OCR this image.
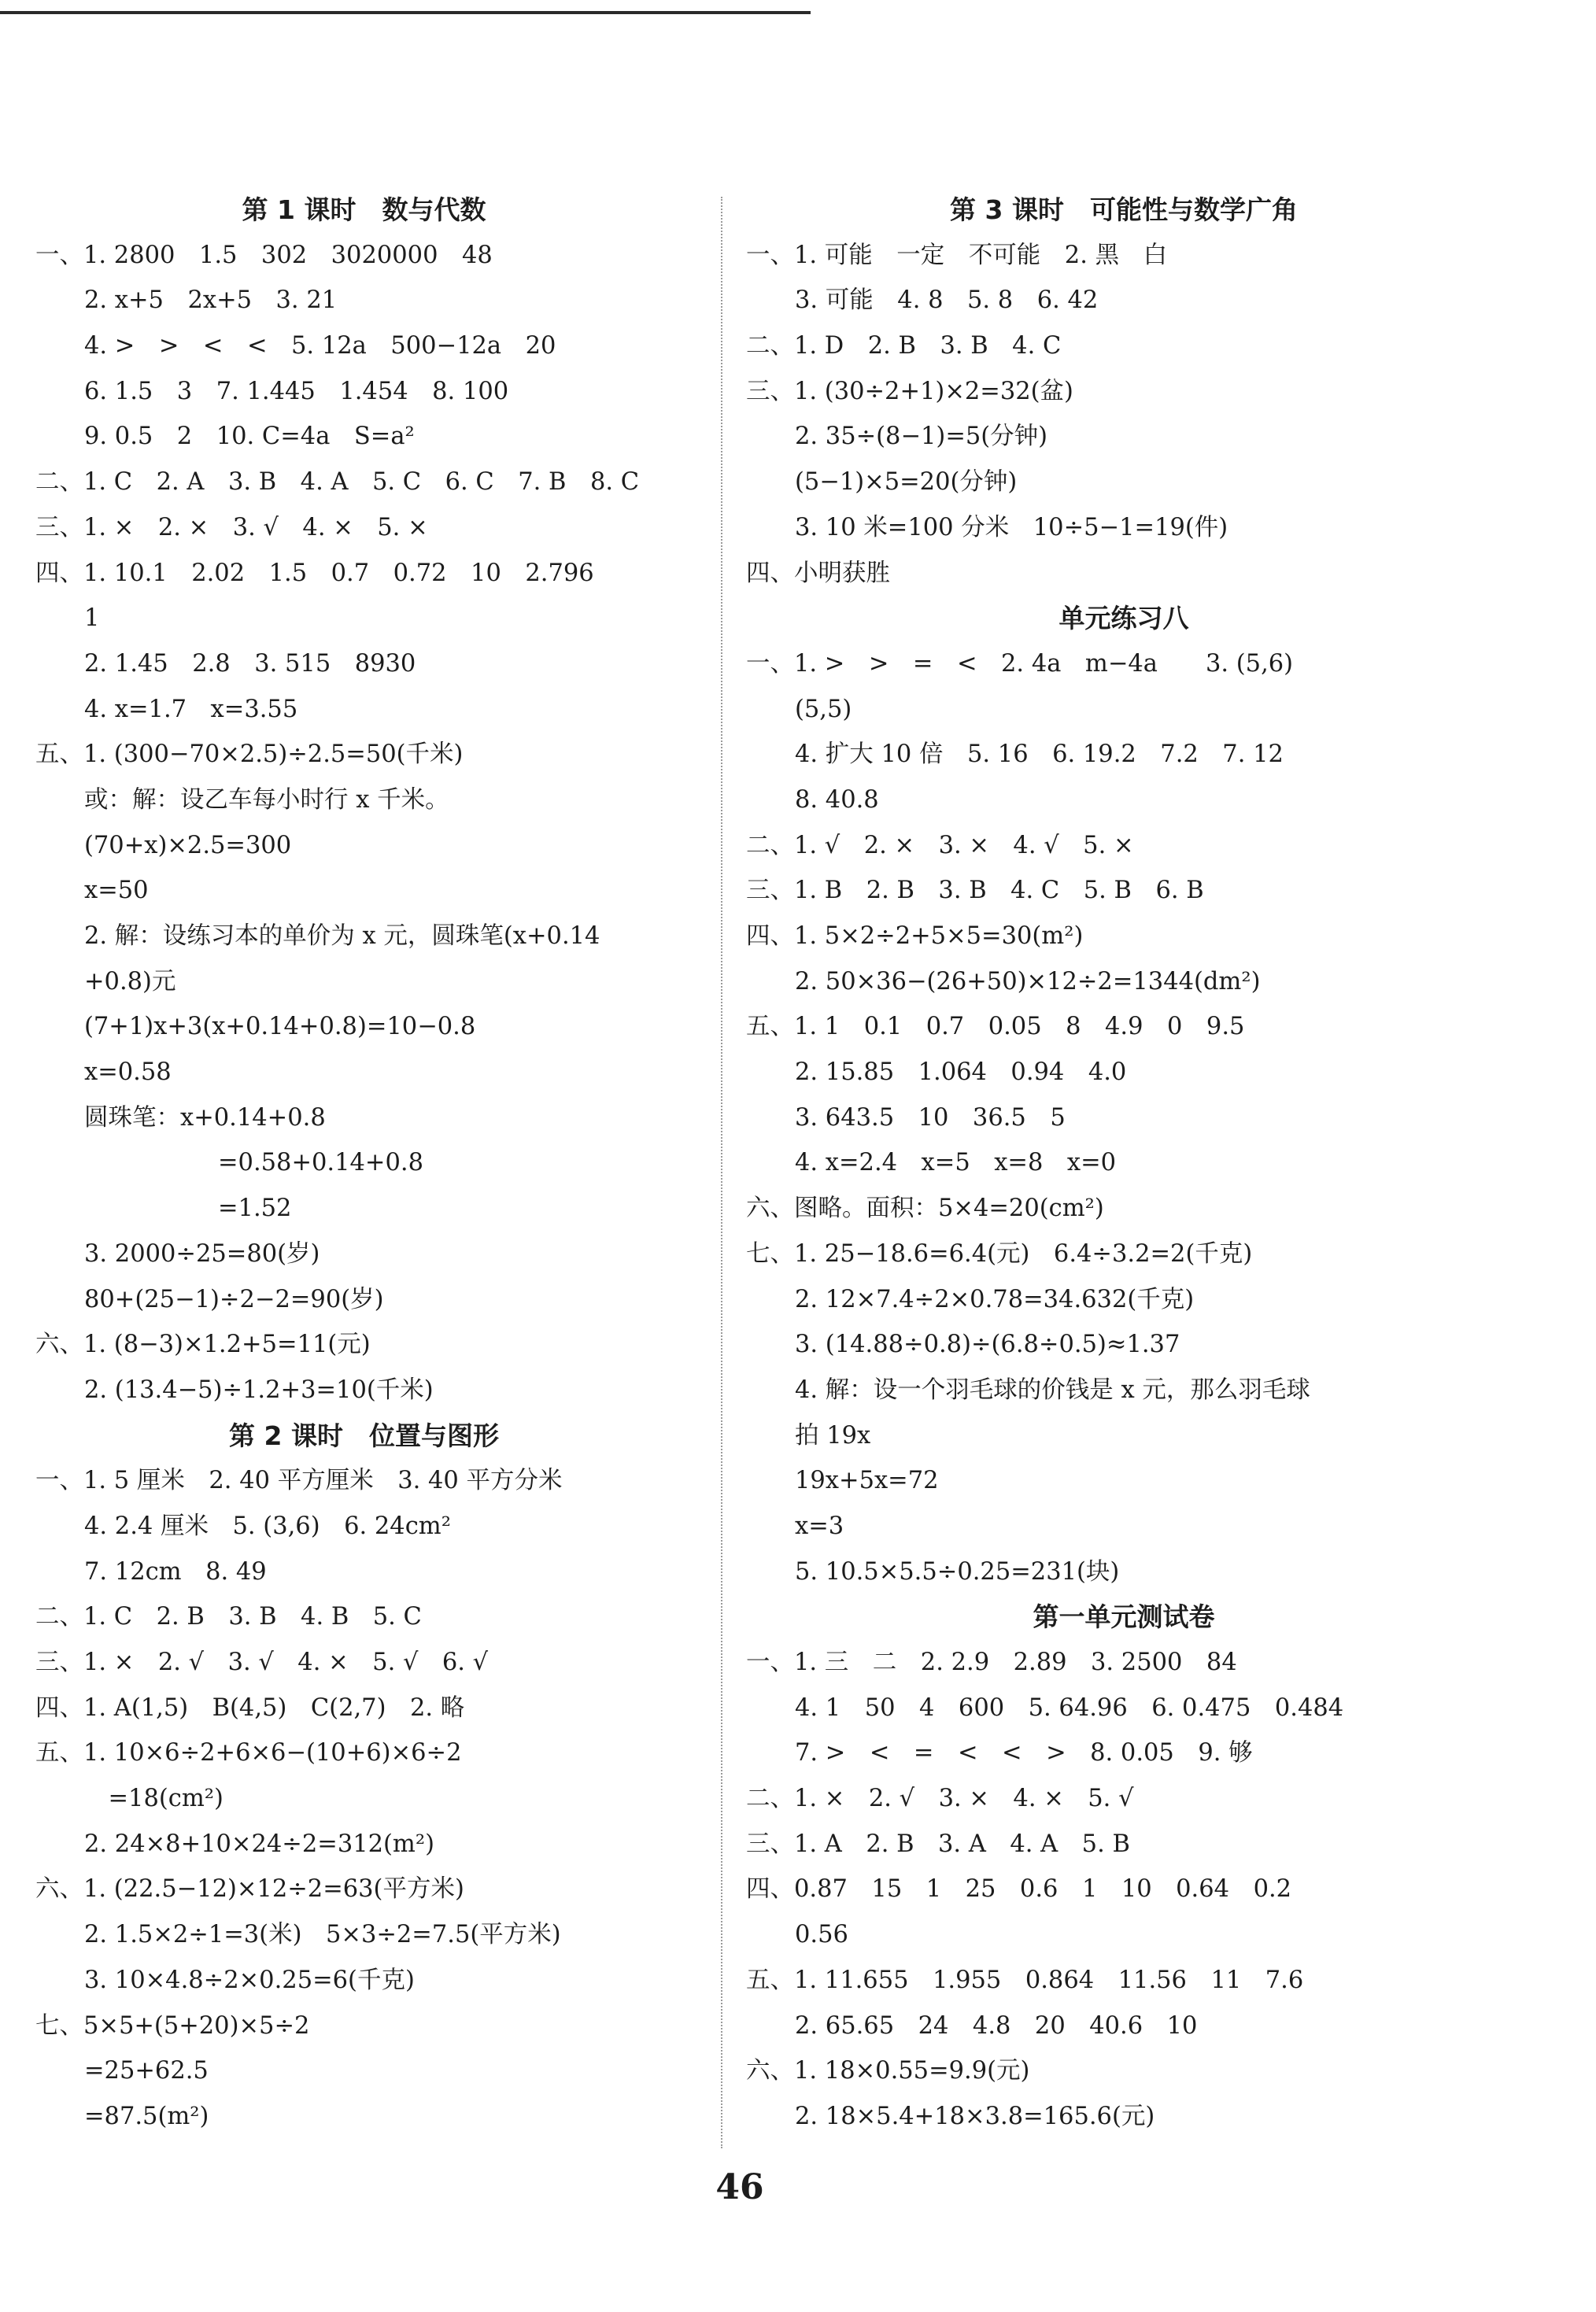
第 1 课时　数与代数
一、1. 2800　1.5　302　3020000　48
2. x+5　2x+5　3. 21
4. >　>　<　<　5. 12a　500−12a　20
6. 1.5　3　7. 1.445　1.454　8. 100
9. 0.5　2　10. C=4a　S=a²
二、1. C　2. A　3. B　4. A　5. C　6. C　7. B　8. C
三、1. ×　2. ×　3. √　4. ×　5. ×
四、1. 10.1　2.02　1.5　0.7　0.72　10　2.796
1
2. 1.45　2.8　3. 515　8930
4. x=1.7　x=3.55
五、1. (300−70×2.5)÷2.5=50(千米)
或：解：设乙车每小时行 x 千米。
(70+x)×2.5=300
x=50
2. 解：设练习本的单价为 x 元，圆珠笔(x+0.14
+0.8)元
(7+1)x+3(x+0.14+0.8)=10−0.8
x=0.58
圆珠笔：x+0.14+0.8
=0.58+0.14+0.8
=1.52
3. 2000÷25=80(岁)
80+(25−1)÷2−2=90(岁)
六、1. (8−3)×1.2+5=11(元)
2. (13.4−5)÷1.2+3=10(千米)
第 2 课时　位置与图形
一、1. 5 厘米　2. 40 平方厘米　3. 40 平方分米
4. 2.4 厘米　5. (3,6)　6. 24cm²
7. 12cm　8. 49
二、1. C　2. B　3. B　4. B　5. C
三、1. ×　2. √　3. √　4. ×　5. √　6. √
四、1. A(1,5)　B(4,5)　C(2,7)　2. 略
五、1. 10×6÷2+6×6−(10+6)×6÷2
　=18(cm²)
2. 24×8+10×24÷2=312(m²)
六、1. (22.5−12)×12÷2=63(平方米)
2. 1.5×2÷1=3(米)　5×3÷2=7.5(平方米)
3. 10×4.8÷2×0.25=6(千克)
七、5×5+(5+20)×5÷2
=25+62.5
=87.5(m²)
第 3 课时　可能性与数学广角
一、1. 可能　一定　不可能　2. 黑　白
3. 可能　4. 8　5. 8　6. 42
二、1. D　2. B　3. B　4. C
三、1. (30÷2+1)×2=32(盆)
2. 35÷(8−1)=5(分钟)
(5−1)×5=20(分钟)
3. 10 米=100 分米　10÷5−1=19(件)
四、小明获胜
单元练习八
一、1. >　>　=　<　2. 4a　m−4a　　3. (5,6)
(5,5)
4. 扩大 10 倍　5. 16　6. 19.2　7.2　7. 12
8. 40.8
二、1. √　2. ×　3. ×　4. √　5. ×
三、1. B　2. B　3. B　4. C　5. B　6. B
四、1. 5×2÷2+5×5=30(m²)
2. 50×36−(26+50)×12÷2=1344(dm²)
五、1. 1　0.1　0.7　0.05　8　4.9　0　9.5
2. 15.85　1.064　0.94　4.0
3. 643.5　10　36.5　5
4. x=2.4　x=5　x=8　x=0
六、图略。面积：5×4=20(cm²)
七、1. 25−18.6=6.4(元)　6.4÷3.2=2(千克)
2. 12×7.4÷2×0.78=34.632(千克)
3. (14.88÷0.8)÷(6.8÷0.5)≈1.37
4. 解：设一个羽毛球的价钱是 x 元，那么羽毛球
拍 19x
19x+5x=72
x=3
5. 10.5×5.5÷0.25=231(块)
第一单元测试卷
一、1. 三　二　2. 2.9　2.89　3. 2500　84
4. 1　50　4　600　5. 64.96　6. 0.475　0.484
7. >　<　=　<　<　>　8. 0.05　9. 够
二、1. ×　2. √　3. ×　4. ×　5. √
三、1. A　2. B　3. A　4. A　5. B
四、0.87　15　1　25　0.6　1　10　0.64　0.2
0.56
五、1. 11.655　1.955　0.864　11.56　11　7.6
2. 65.65　24　4.8　20　40.6　10
六、1. 18×0.55=9.9(元)
2. 18×5.4+18×3.8=165.6(元)
46
